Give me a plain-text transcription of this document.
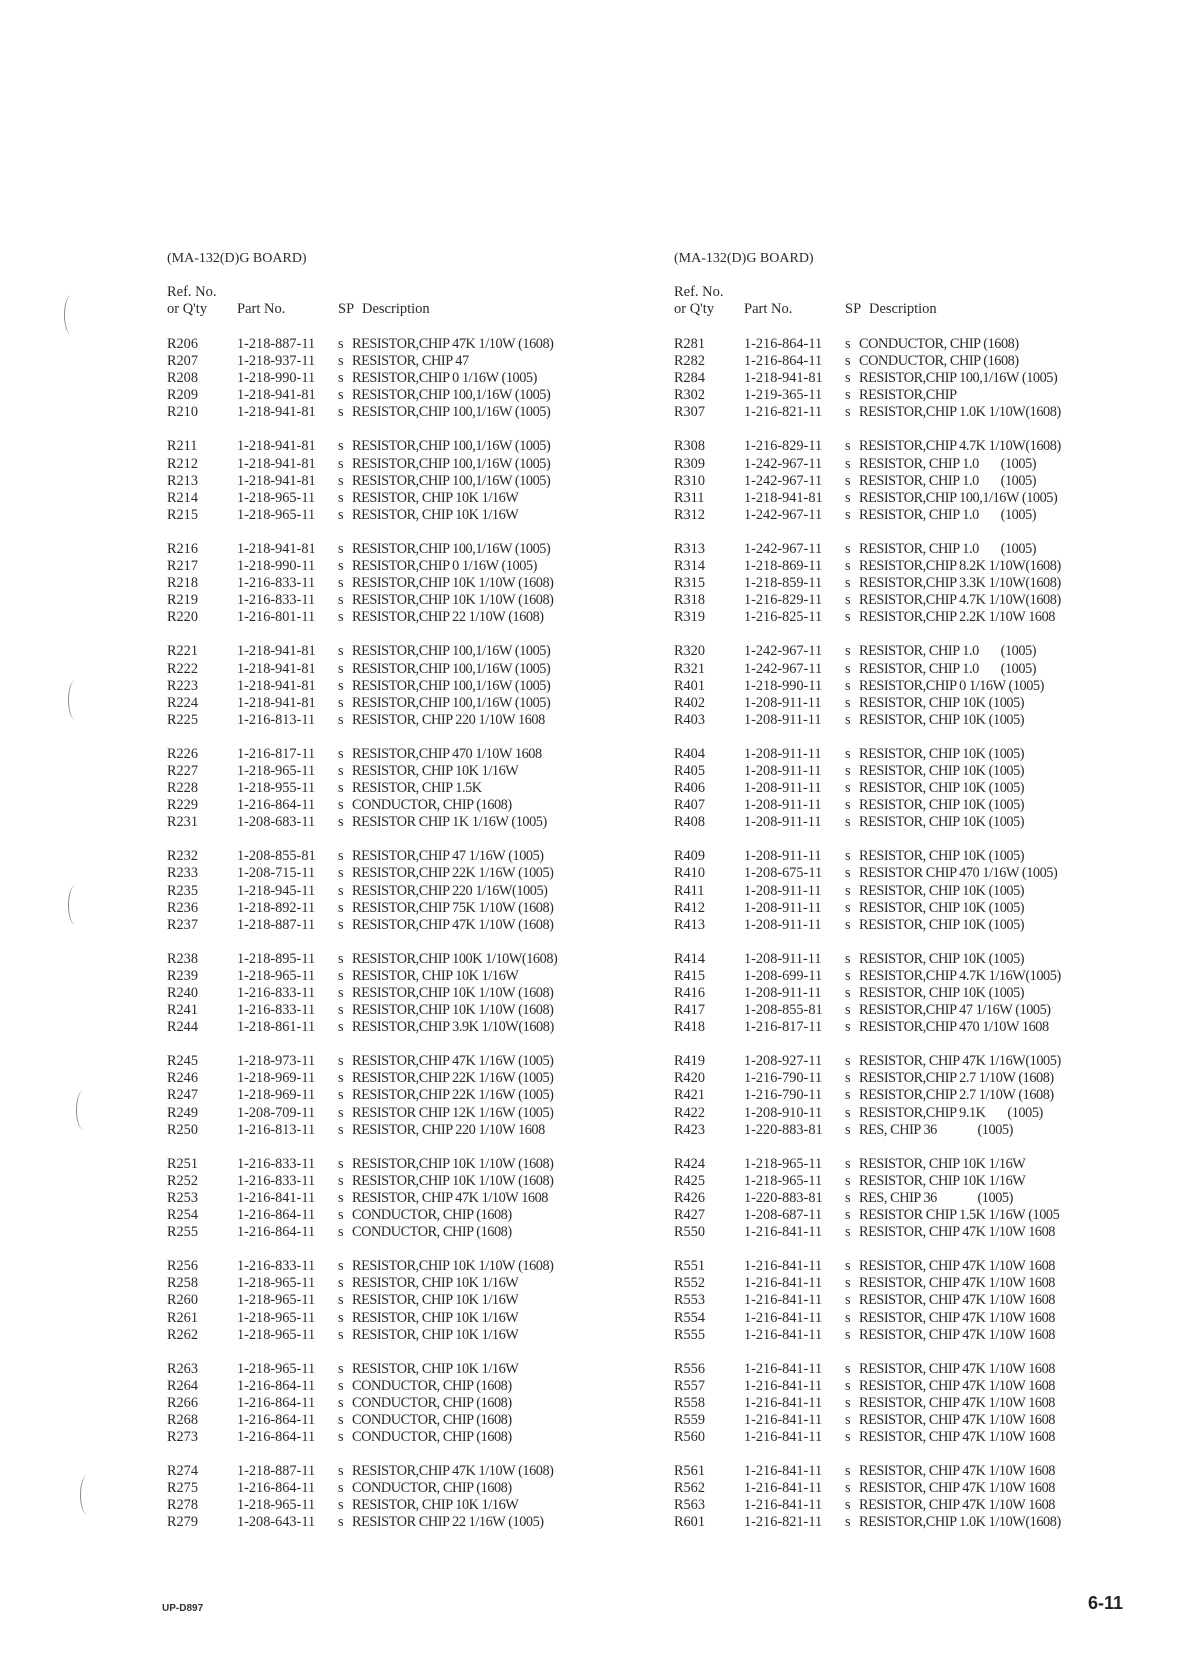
(MA-132(D)G BOARD)
Ref. No.
or Q'ty	Part No.	SP Description
R206	1-218-887-11	s RESISTOR,CHIP 47K 1/10W (1608)
R207	1-218-937-11	s RESISTOR, CHIP 47
R208	1-218-990-11	s RESISTOR,CHIP 0 1/16W (1005)
R209	1-218-941-81	s RESISTOR,CHIP 100,1/16W (1005)
R210	1-218-941-81	s RESISTOR,CHIP 100,1/16W (1005)
R211	1-218-941-81	s RESISTOR,CHIP 100,1/16W (1005)
R212	1-218-941-81	s RESISTOR,CHIP 100,1/16W (1005)
R213	1-218-941-81	s RESISTOR,CHIP 100,1/16W (1005)
R214	1-218-965-11	s RESISTOR, CHIP 10K 1/16W
R215	1-218-965-11	s RESISTOR, CHIP 10K 1/16W
R216	1-218-941-81	s RESISTOR,CHIP 100,1/16W (1005)
R217	1-218-990-11	s RESISTOR,CHIP 0 1/16W (1005)
R218	1-216-833-11	s RESISTOR,CHIP 10K 1/10W (1608)
R219	1-216-833-11	s RESISTOR,CHIP 10K 1/10W (1608)
R220	1-216-801-11	s RESISTOR,CHIP 22 1/10W (1608)
R221	1-218-941-81	s RESISTOR,CHIP 100,1/16W (1005)
R222	1-218-941-81	s RESISTOR,CHIP 100,1/16W (1005)
R223	1-218-941-81	s RESISTOR,CHIP 100,1/16W (1005)
R224	1-218-941-81	s RESISTOR,CHIP 100,1/16W (1005)
R225	1-216-813-11	s RESISTOR, CHIP 220 1/10W 1608
R226	1-216-817-11	s RESISTOR,CHIP 470 1/10W 1608
R227	1-218-965-11	s RESISTOR, CHIP 10K 1/16W
R228	1-218-955-11	s RESISTOR, CHIP 1.5K
R229	1-216-864-11	s CONDUCTOR, CHIP (1608)
R231	1-208-683-11	s RESISTOR CHIP 1K 1/16W (1005)
R232	1-208-855-81	s RESISTOR,CHIP 47 1/16W (1005)
R233	1-208-715-11	s RESISTOR,CHIP 22K 1/16W (1005)
R235	1-218-945-11	s RESISTOR,CHIP 220 1/16W(1005)
R236	1-218-892-11	s RESISTOR,CHIP 75K 1/10W (1608)
R237	1-218-887-11	s RESISTOR,CHIP 47K 1/10W (1608)
R238	1-218-895-11	s RESISTOR,CHIP 100K 1/10W(1608)
R239	1-218-965-11	s RESISTOR, CHIP 10K 1/16W
R240	1-216-833-11	s RESISTOR,CHIP 10K 1/10W (1608)
R241	1-216-833-11	s RESISTOR,CHIP 10K 1/10W (1608)
R244	1-218-861-11	s RESISTOR,CHIP 3.9K 1/10W(1608)
R245	1-218-973-11	s RESISTOR,CHIP 47K 1/16W (1005)
R246	1-218-969-11	s RESISTOR,CHIP 22K 1/16W (1005)
R247	1-218-969-11	s RESISTOR,CHIP 22K 1/16W (1005)
R249	1-208-709-11	s RESISTOR CHIP 12K 1/16W (1005)
R250	1-216-813-11	s RESISTOR, CHIP 220 1/10W 1608
R251	1-216-833-11	s RESISTOR,CHIP 10K 1/10W (1608)
R252	1-216-833-11	s RESISTOR,CHIP 10K 1/10W (1608)
R253	1-216-841-11	s RESISTOR, CHIP 47K 1/10W 1608
R254	1-216-864-11	s CONDUCTOR, CHIP (1608)
R255	1-216-864-11	s CONDUCTOR, CHIP (1608)
R256	1-216-833-11	s RESISTOR,CHIP 10K 1/10W (1608)
R258	1-218-965-11	s RESISTOR, CHIP 10K 1/16W
R260	1-218-965-11	s RESISTOR, CHIP 10K 1/16W
R261	1-218-965-11	s RESISTOR, CHIP 10K 1/16W
R262	1-218-965-11	s RESISTOR, CHIP 10K 1/16W
R263	1-218-965-11	s RESISTOR, CHIP 10K 1/16W
R264	1-216-864-11	s CONDUCTOR, CHIP (1608)
R266	1-216-864-11	s CONDUCTOR, CHIP (1608)
R268	1-216-864-11	s CONDUCTOR, CHIP (1608)
R273	1-216-864-11	s CONDUCTOR, CHIP (1608)
R274	1-218-887-11	s RESISTOR,CHIP 47K 1/10W (1608)
R275	1-216-864-11	s CONDUCTOR, CHIP (1608)
R278	1-218-965-11	s RESISTOR, CHIP 10K 1/16W
R279	1-208-643-11	s RESISTOR CHIP 22 1/16W (1005)
(MA-132(D)G BOARD)
Ref. No.
or Q'ty	Part No.	SP Description
R281	1-216-864-11	s CONDUCTOR, CHIP (1608)
R282	1-216-864-11	s CONDUCTOR, CHIP (1608)
R284	1-218-941-81	s RESISTOR,CHIP 100,1/16W (1005)
R302	1-219-365-11	s RESISTOR,CHIP
R307	1-216-821-11	s RESISTOR,CHIP 1.0K 1/10W(1608)
R308	1-216-829-11	s RESISTOR,CHIP 4.7K 1/10W(1608)
R309	1-242-967-11	s RESISTOR, CHIP 1.0       (1005)
R310	1-242-967-11	s RESISTOR, CHIP 1.0       (1005)
R311	1-218-941-81	s RESISTOR,CHIP 100,1/16W (1005)
R312	1-242-967-11	s RESISTOR, CHIP 1.0       (1005)
R313	1-242-967-11	s RESISTOR, CHIP 1.0       (1005)
R314	1-218-869-11	s RESISTOR,CHIP 8.2K 1/10W(1608)
R315	1-218-859-11	s RESISTOR,CHIP 3.3K 1/10W(1608)
R318	1-216-829-11	s RESISTOR,CHIP 4.7K 1/10W(1608)
R319	1-216-825-11	s RESISTOR,CHIP 2.2K 1/10W 1608
R320	1-242-967-11	s RESISTOR, CHIP 1.0       (1005)
R321	1-242-967-11	s RESISTOR, CHIP 1.0       (1005)
R401	1-218-990-11	s RESISTOR,CHIP 0 1/16W (1005)
R402	1-208-911-11	s RESISTOR, CHIP 10K (1005)
R403	1-208-911-11	s RESISTOR, CHIP 10K (1005)
R404	1-208-911-11	s RESISTOR, CHIP 10K (1005)
R405	1-208-911-11	s RESISTOR, CHIP 10K (1005)
R406	1-208-911-11	s RESISTOR, CHIP 10K (1005)
R407	1-208-911-11	s RESISTOR, CHIP 10K (1005)
R408	1-208-911-11	s RESISTOR, CHIP 10K (1005)
R409	1-208-911-11	s RESISTOR, CHIP 10K (1005)
R410	1-208-675-11	s RESISTOR CHIP 470 1/16W (1005)
R411	1-208-911-11	s RESISTOR, CHIP 10K (1005)
R412	1-208-911-11	s RESISTOR, CHIP 10K (1005)
R413	1-208-911-11	s RESISTOR, CHIP 10K (1005)
R414	1-208-911-11	s RESISTOR, CHIP 10K (1005)
R415	1-208-699-11	s RESISTOR,CHIP 4.7K 1/16W(1005)
R416	1-208-911-11	s RESISTOR, CHIP 10K (1005)
R417	1-208-855-81	s RESISTOR,CHIP 47 1/16W (1005)
R418	1-216-817-11	s RESISTOR,CHIP 470 1/10W 1608
R419	1-208-927-11	s RESISTOR, CHIP 47K 1/16W(1005)
R420	1-216-790-11	s RESISTOR,CHIP 2.7 1/10W (1608)
R421	1-216-790-11	s RESISTOR,CHIP 2.7 1/10W (1608)
R422	1-208-910-11	s RESISTOR,CHIP 9.1K       (1005)
R423	1-220-883-81	s RES, CHIP 36             (1005)
R424	1-218-965-11	s RESISTOR, CHIP 10K 1/16W
R425	1-218-965-11	s RESISTOR, CHIP 10K 1/16W
R426	1-220-883-81	s RES, CHIP 36             (1005)
R427	1-208-687-11	s RESISTOR CHIP 1.5K 1/16W (1005
R550	1-216-841-11	s RESISTOR, CHIP 47K 1/10W 1608
R551	1-216-841-11	s RESISTOR, CHIP 47K 1/10W 1608
R552	1-216-841-11	s RESISTOR, CHIP 47K 1/10W 1608
R553	1-216-841-11	s RESISTOR, CHIP 47K 1/10W 1608
R554	1-216-841-11	s RESISTOR, CHIP 47K 1/10W 1608
R555	1-216-841-11	s RESISTOR, CHIP 47K 1/10W 1608
R556	1-216-841-11	s RESISTOR, CHIP 47K 1/10W 1608
R557	1-216-841-11	s RESISTOR, CHIP 47K 1/10W 1608
R558	1-216-841-11	s RESISTOR, CHIP 47K 1/10W 1608
R559	1-216-841-11	s RESISTOR, CHIP 47K 1/10W 1608
R560	1-216-841-11	s RESISTOR, CHIP 47K 1/10W 1608
R561	1-216-841-11	s RESISTOR, CHIP 47K 1/10W 1608
R562	1-216-841-11	s RESISTOR, CHIP 47K 1/10W 1608
R563	1-216-841-11	s RESISTOR, CHIP 47K 1/10W 1608
R601	1-216-821-11	s RESISTOR,CHIP 1.0K 1/10W(1608)
UP-D897	6-11
